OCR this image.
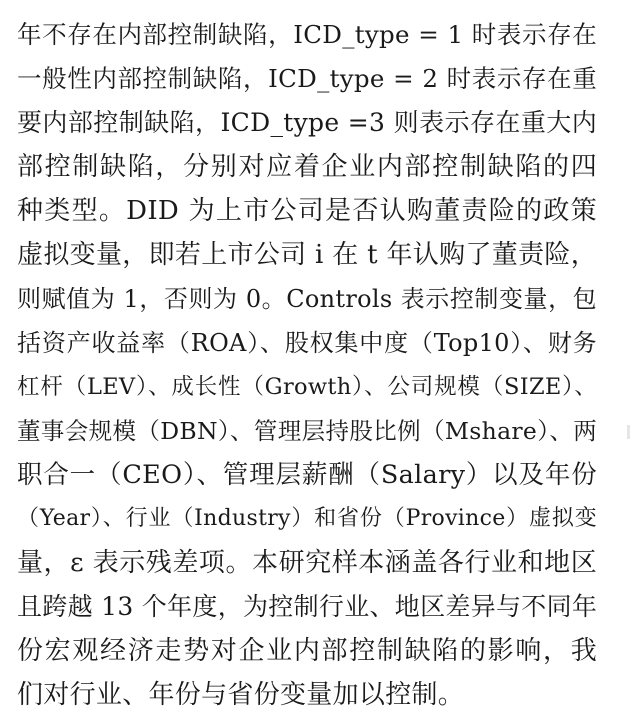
年不存在内部控制缺陷，ICD_type = 1 时表示存在
一般性内部控制缺陷，ICD_type = 2 时表示存在重
要内部控制缺陷，ICD_type =3 则表示存在重大内
部控制缺陷，分别对应着企业内部控制缺陷的四
种类型。DID 为上市公司是否认购董责险的政策
虚拟变量，即若上市公司 i 在 t 年认购了董责险，
则赋值为 1，否则为 0。Controls 表示控制变量，包
括资产收益率（ROA）、股权集中度（Top10）、财务
杠杆（LEV）、成长性（Growth）、公司规模（SIZE）、
董事会规模（DBN）、管理层持股比例（Mshare）、两
职合一（CEO）、管理层薪酬（Salary）以及年份
（Year）、行业（Industry）和省份（Province）虚拟变
量，ε 表示残差项。本研究样本涵盖各行业和地区
且跨越 13 个年度，为控制行业、地区差异与不同年
份宏观经济走势对企业内部控制缺陷的影响，我
们对行业、年份与省份变量加以控制。
